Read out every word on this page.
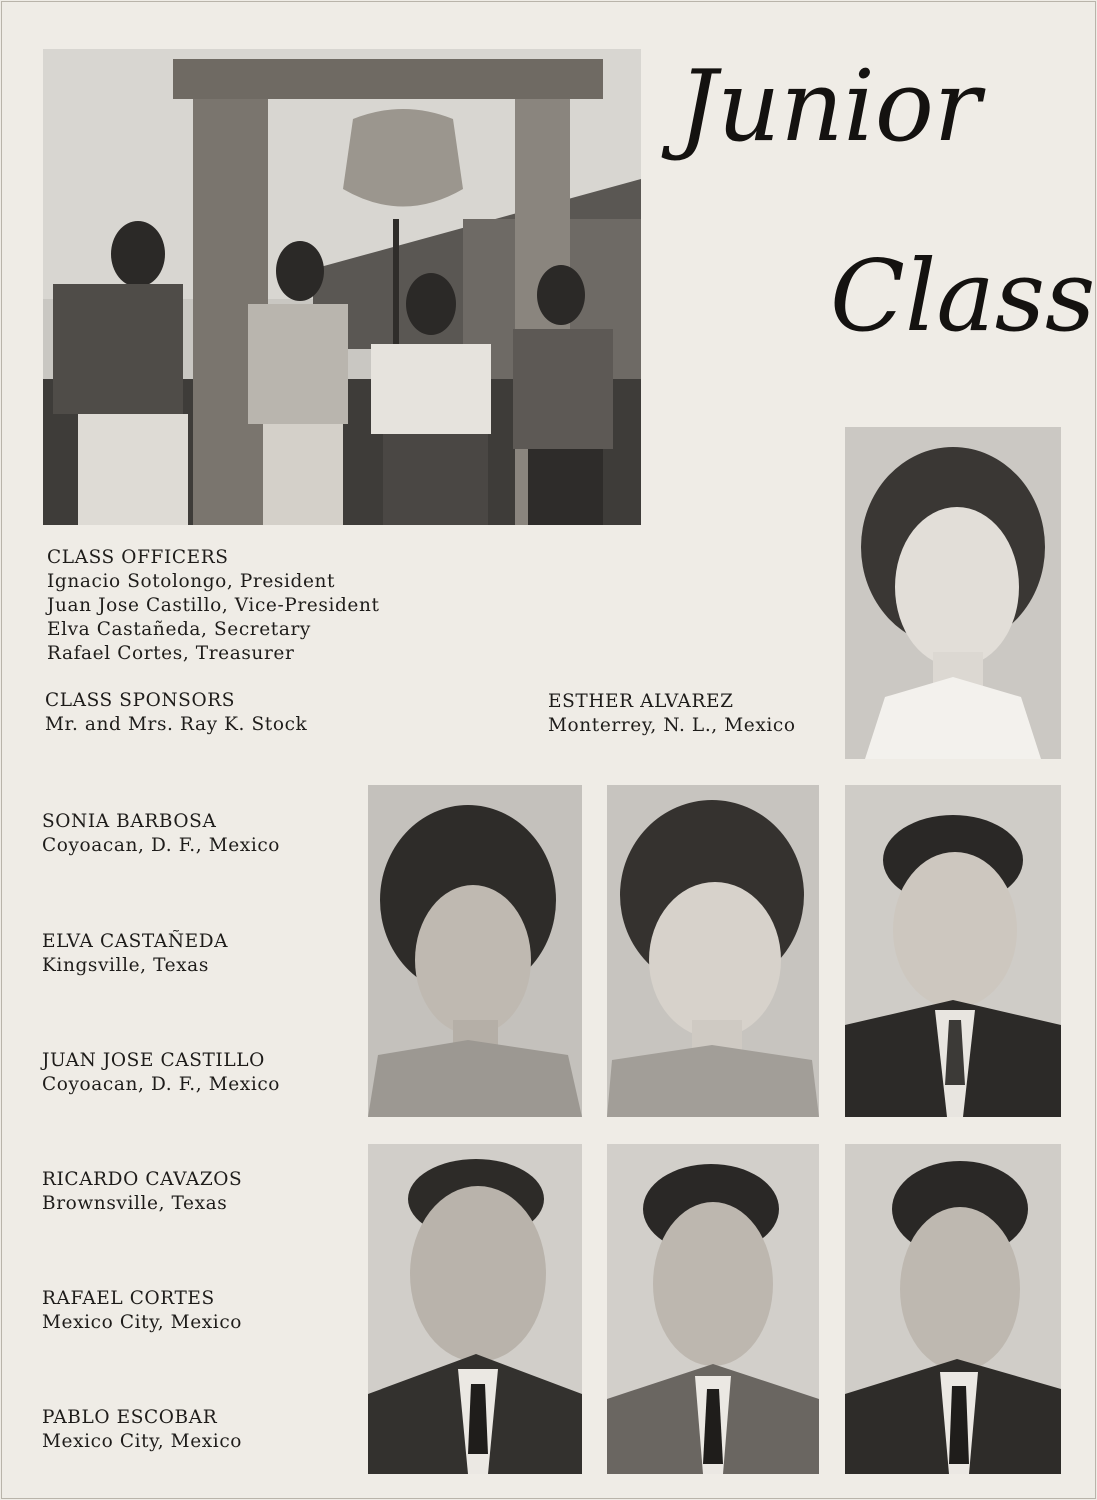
Junior
Class
CLASS OFFICERS
Ignacio Sotolongo, President
Juan Jose Castillo, Vice-President
Elva Castañeda, Secretary
Rafael Cortes, Treasurer
CLASS SPONSORS
Mr. and Mrs. Ray K. Stock
ESTHER ALVAREZ
Monterrey, N. L., Mexico
SONIA BARBOSA
Coyoacan, D. F., Mexico
ELVA CASTAÑEDA
Kingsville, Texas
JUAN JOSE CASTILLO
Coyoacan, D. F., Mexico
RICARDO CAVAZOS
Brownsville, Texas
RAFAEL CORTES
Mexico City, Mexico
PABLO ESCOBAR
Mexico City, Mexico
